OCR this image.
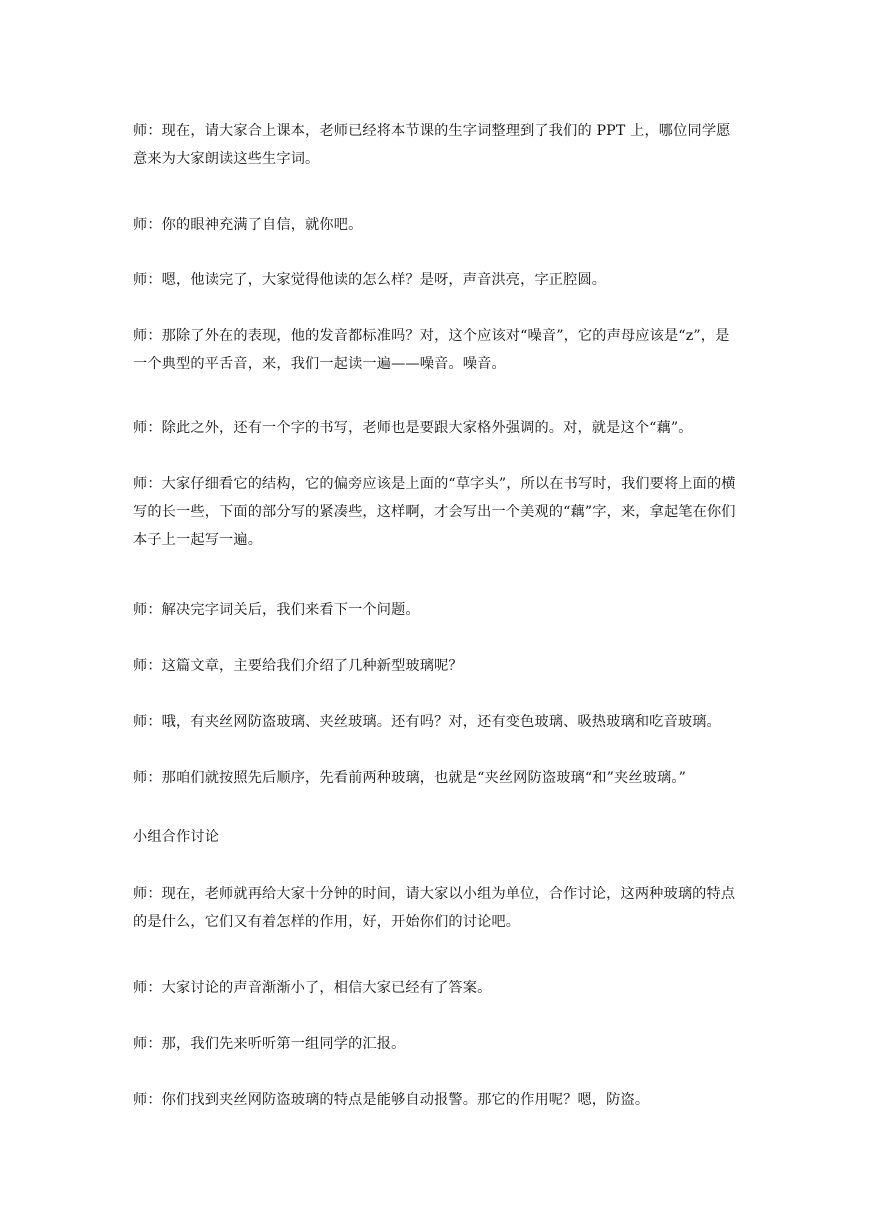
师：现在，请大家合上课本，老师已经将本节课的生字词整理到了我们的 PPT 上，哪位同学愿意来为大家朗读这些生字词。

师：你的眼神充满了自信，就你吧。

师：嗯，他读完了，大家觉得他读的怎么样？是呀，声音洪亮，字正腔圆。

师：那除了外在的表现，他的发音都标准吗？对，这个应该对“噪音”，它的声母应该是“z”，是一个典型的平舌音，来，我们一起读一遍——噪音。噪音。

师：除此之外，还有一个字的书写，老师也是要跟大家格外强调的。对，就是这个“藕”。

师：大家仔细看它的结构，它的偏旁应该是上面的“草字头”，所以在书写时，我们要将上面的横写的长一些，下面的部分写的紧凑些，这样啊，才会写出一个美观的“藕”字，来，拿起笔在你们本子上一起写一遍。

师：解决完字词关后，我们来看下一个问题。

师：这篇文章，主要给我们介绍了几种新型玻璃呢？

师：哦，有夹丝网防盗玻璃、夹丝玻璃。还有吗？对，还有变色玻璃、吸热玻璃和吃音玻璃。

师：那咱们就按照先后顺序，先看前两种玻璃，也就是“夹丝网防盗玻璃“和”夹丝玻璃。”

小组合作讨论

师：现在，老师就再给大家十分钟的时间，请大家以小组为单位，合作讨论，这两种玻璃的特点的是什么，它们又有着怎样的作用，好，开始你们的讨论吧。

师：大家讨论的声音渐渐小了，相信大家已经有了答案。

师：那，我们先来听听第一组同学的汇报。

师：你们找到夹丝网防盗玻璃的特点是能够自动报警。那它的作用呢？嗯，防盗。
